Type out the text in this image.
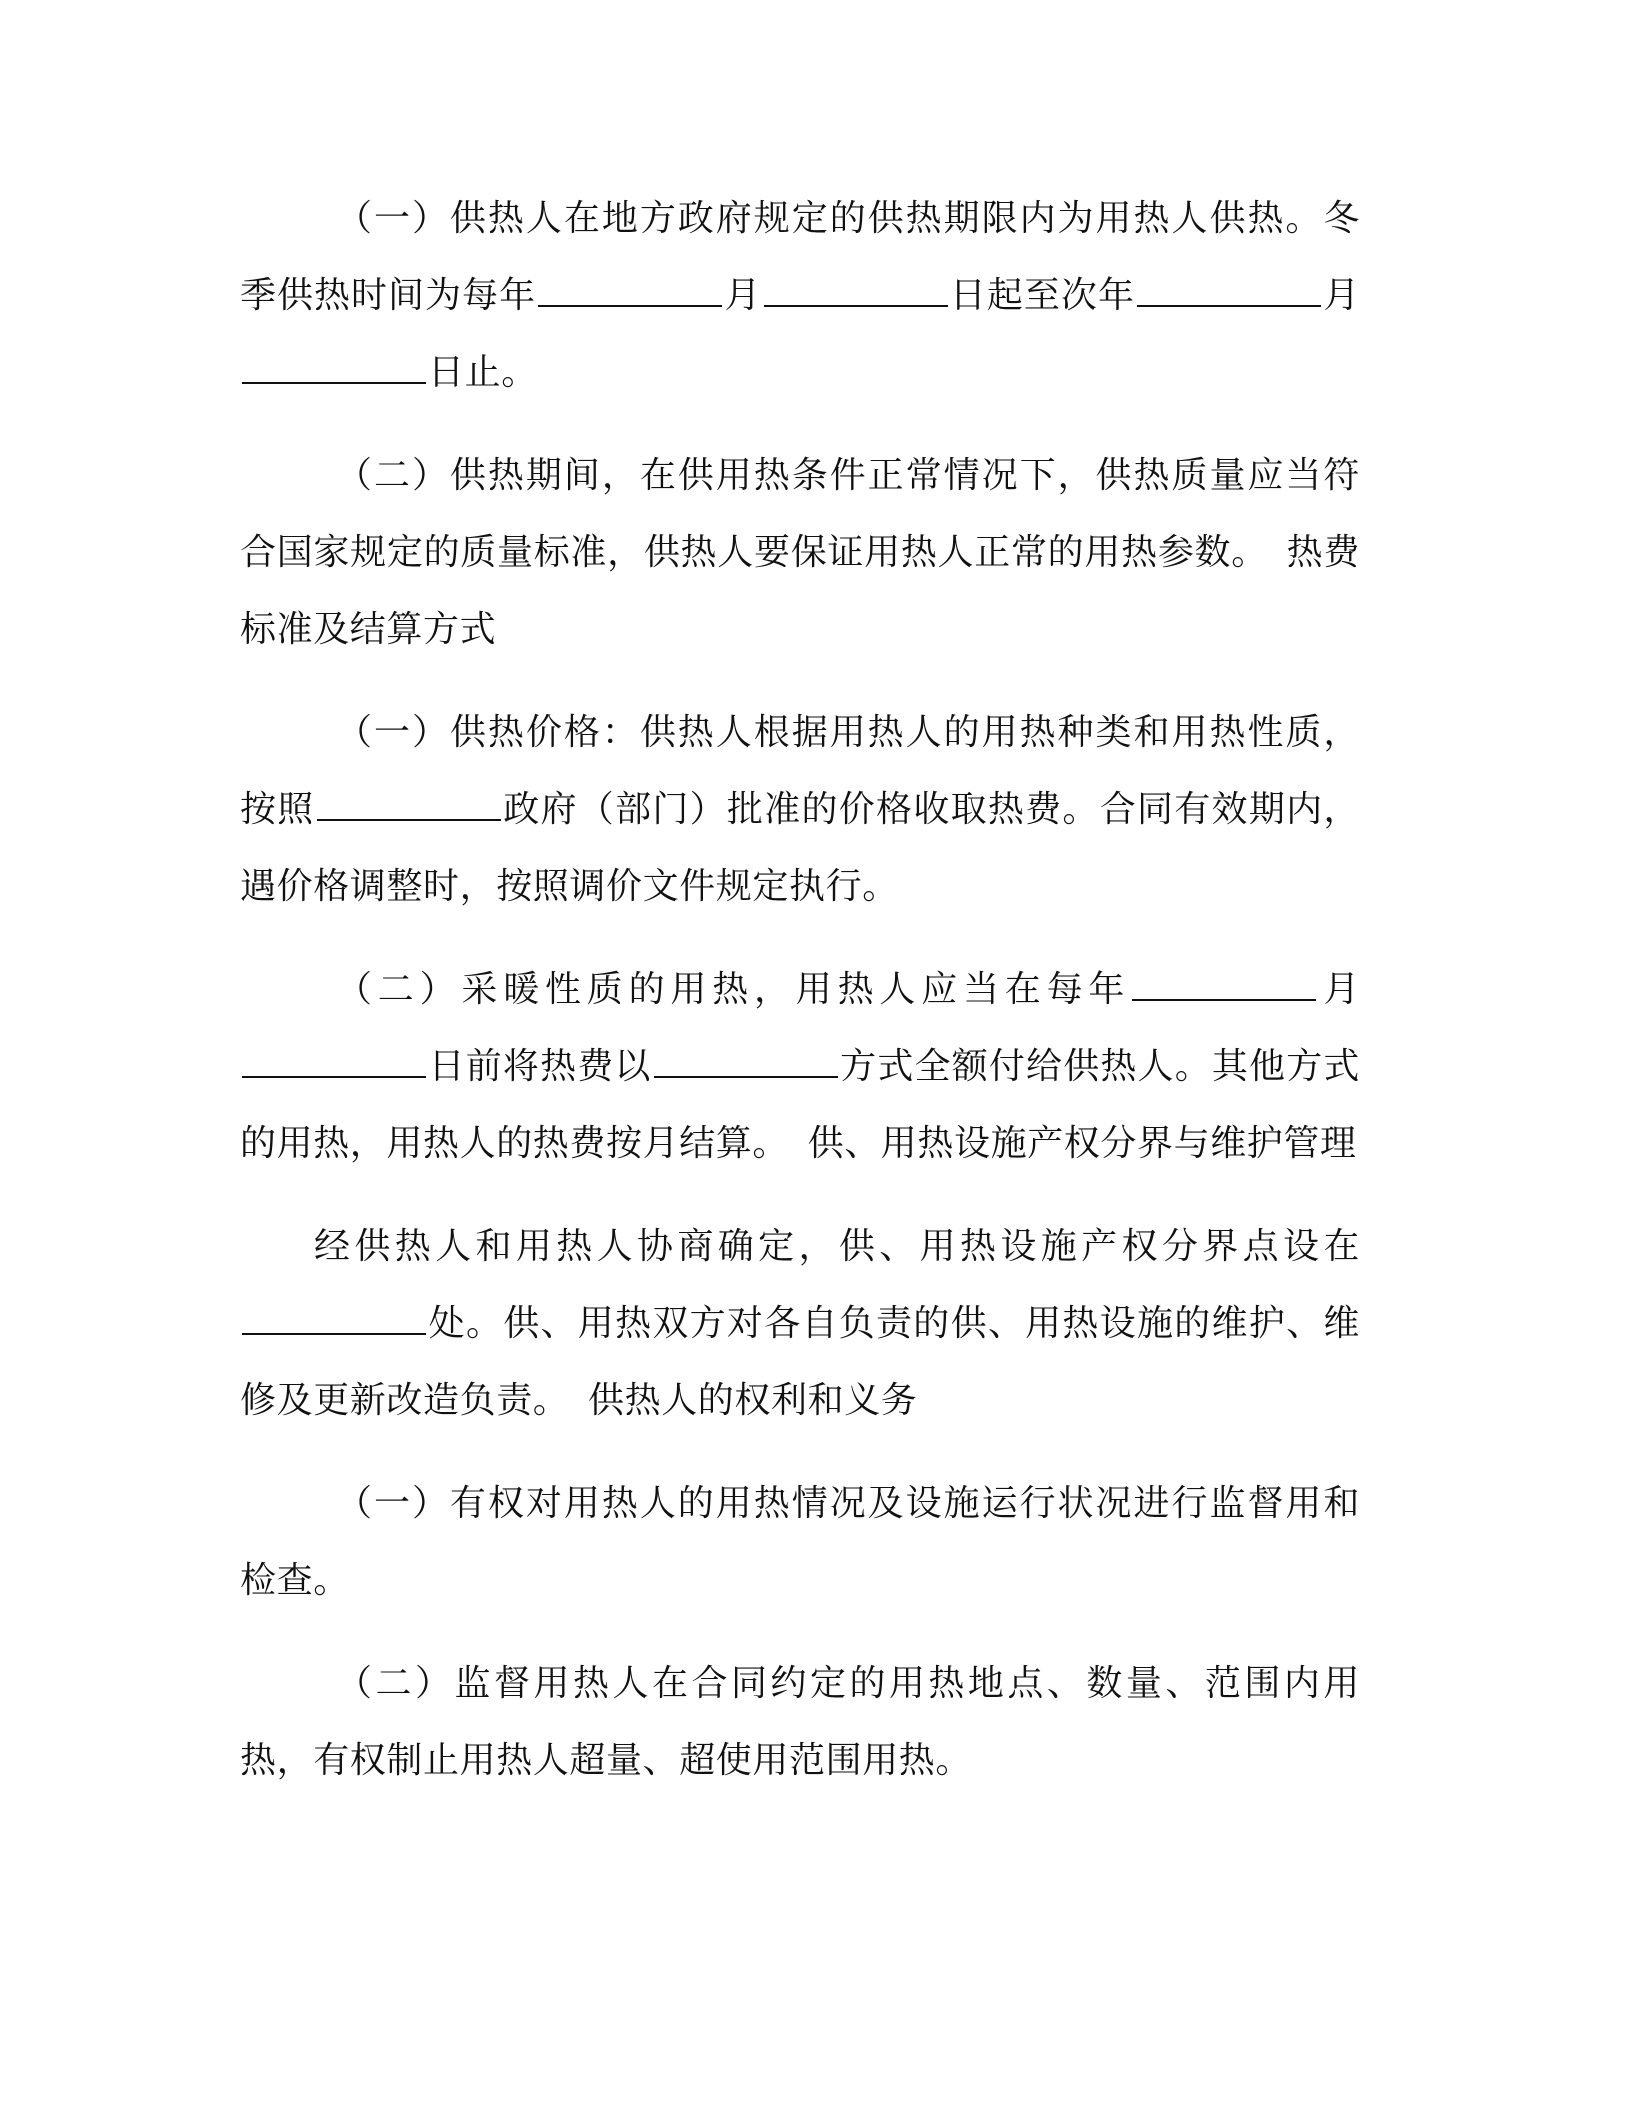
（一）供热人在地方政府规定的供热期限内为用热人供热。冬季供热时间为每年	月	日起至次年	月日止。

（二）供热期间，在供用热条件正常情况下，供热质量应当符合国家规定的质量标准，供热人要保证用热人正常的用热参数。　热费标准及结算方式

（一）供热价格：供热人根据用热人的用热种类和用热性质，按照	政府（部门）批准的价格收取热费。合同有效期内，遇价格调整时，按照调价文件规定执行。

（二）采暖性质的用热，用热人应当在每年	月日前将热费以	方式全额付给供热人。其他方式的用热，用热人的热费按月结算。　供、用热设施产权分界与维护管理

经供热人和用热人协商确定，供、用热设施产权分界点设在处。供、用热双方对各自负责的供、用热设施的维护、维修及更新改造负责。　供热人的权利和义务

（一）有权对用热人的用热情况及设施运行状况进行监督用和检查。

（二）监督用热人在合同约定的用热地点、数量、范围内用热，有权制止用热人超量、超使用范围用热。
